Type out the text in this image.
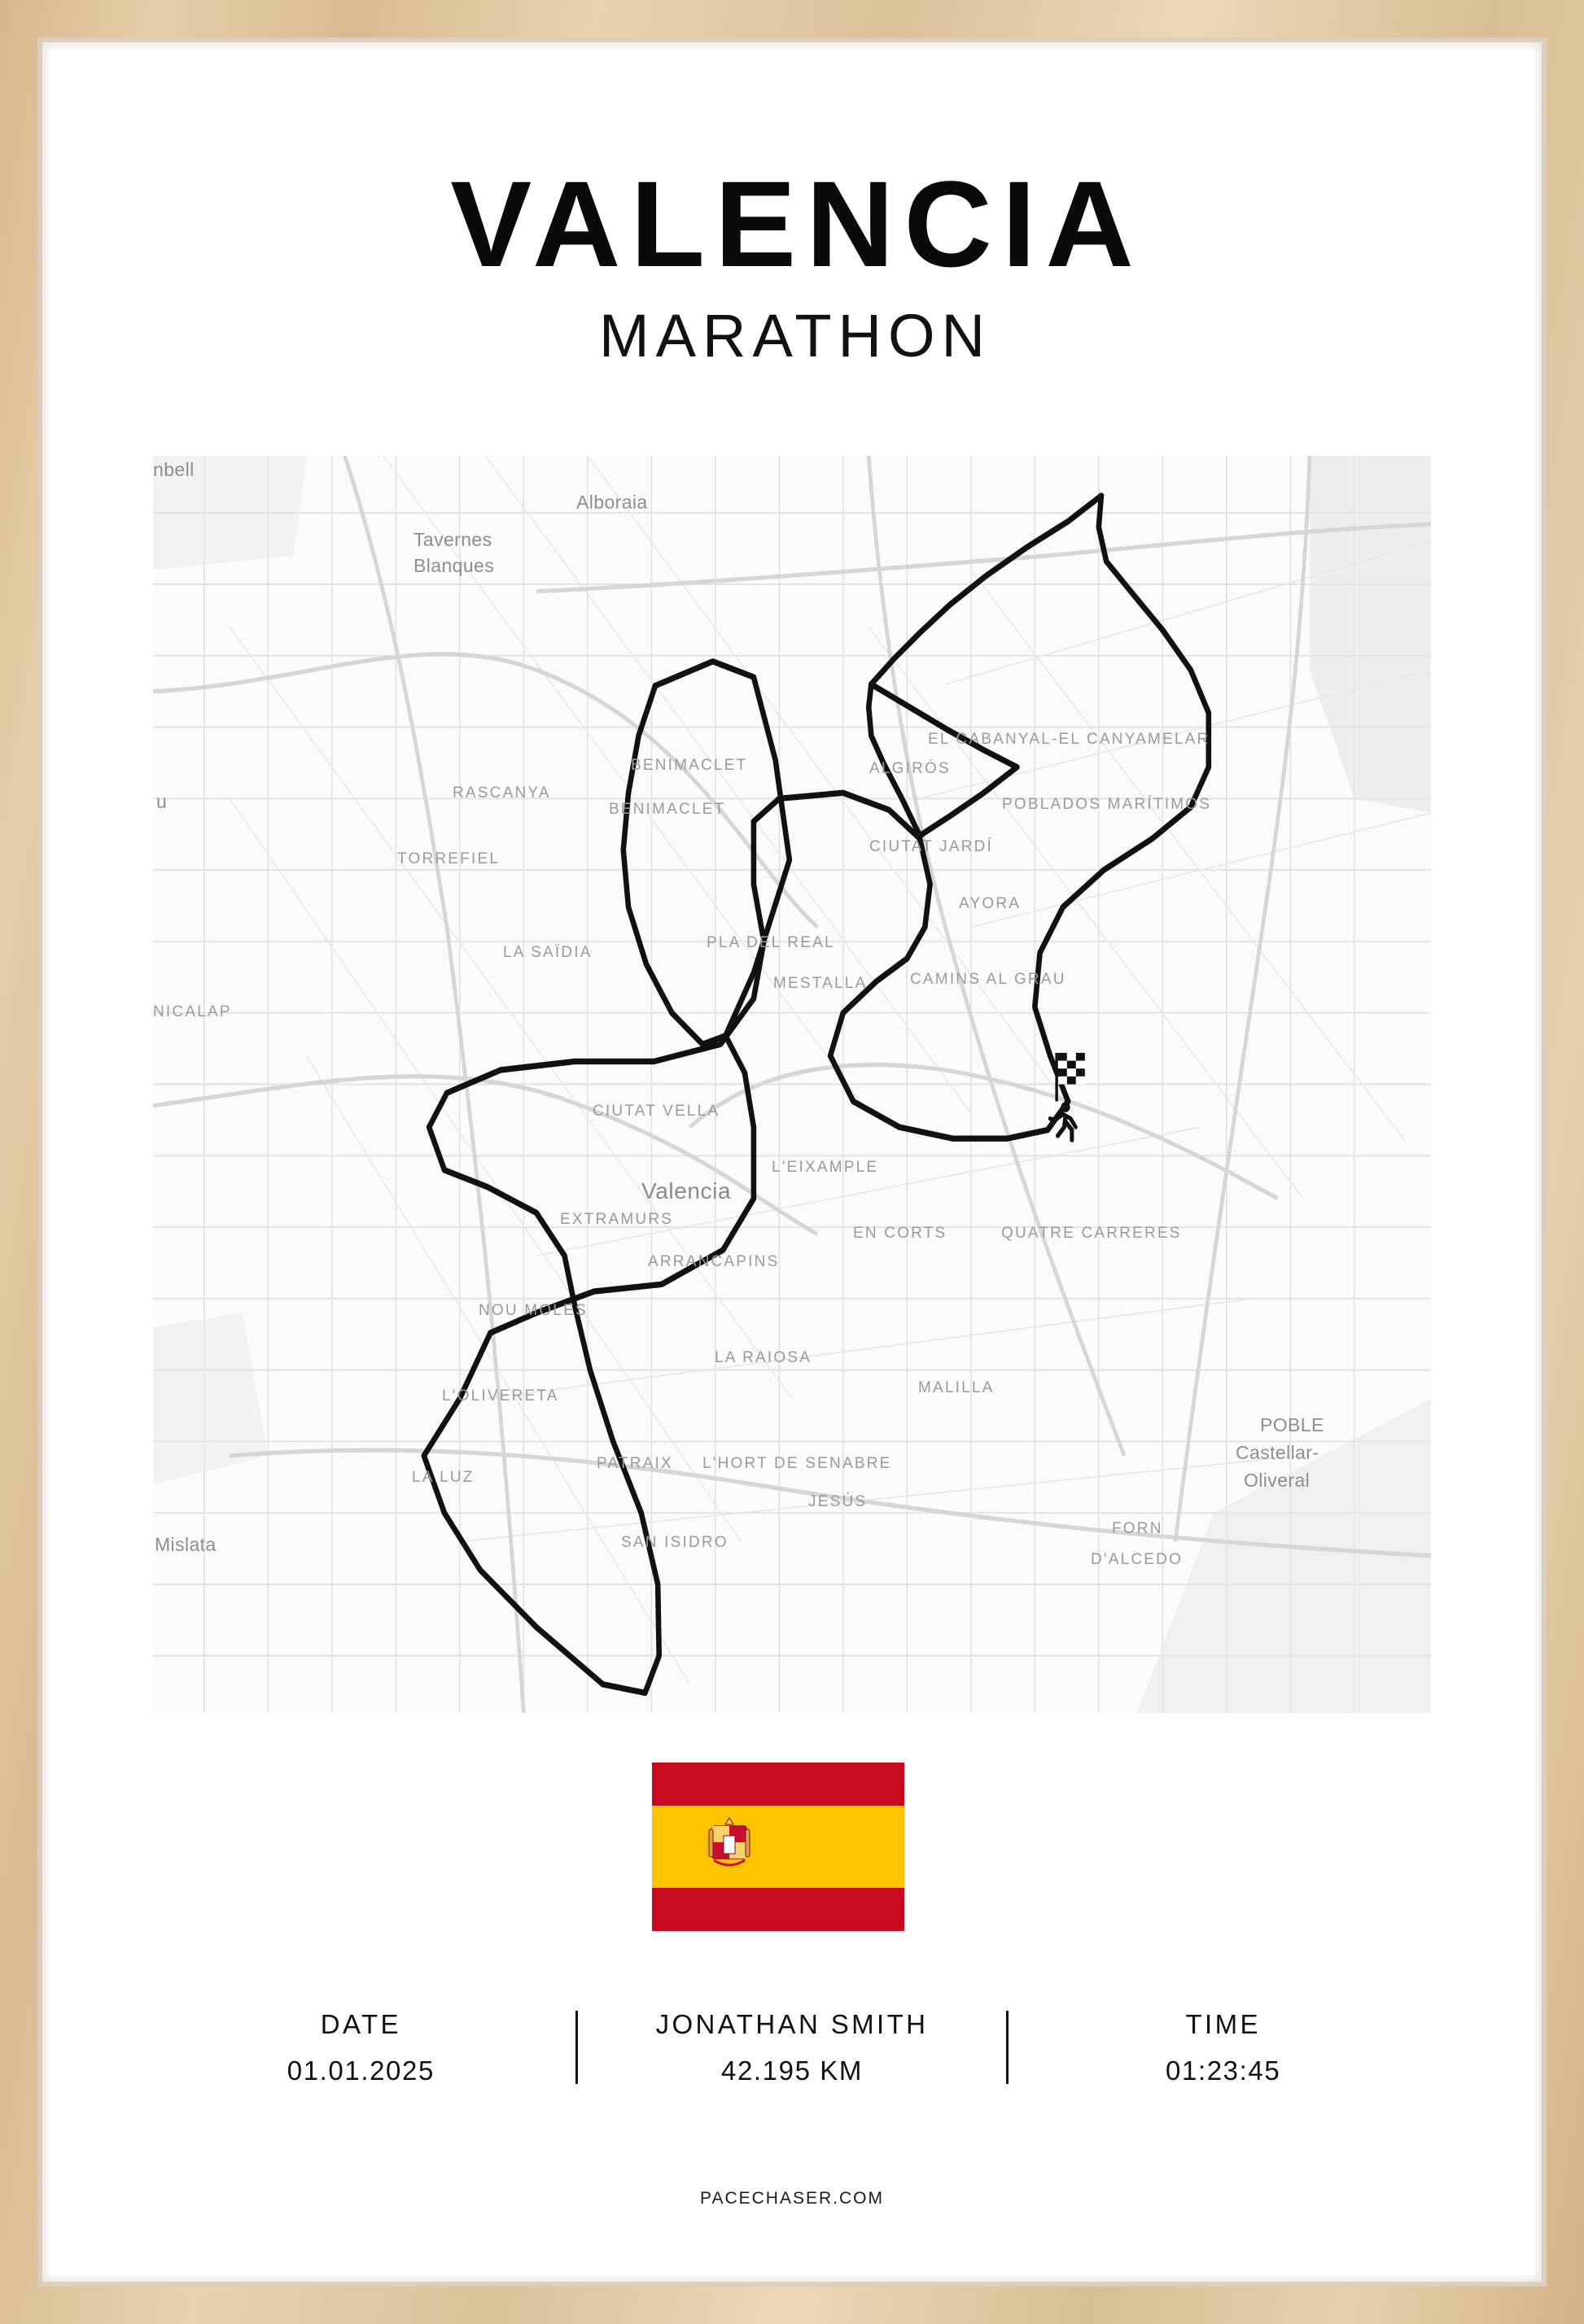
VALENCIA
MARATHON
nbell
Alboraia
Tavernes
Blanques
u
Mislata
Valencia
BENIMACLET
BENIMACLET
ALGIRÓS
EL CABANYAL-EL CANYAMELAR
POBLADOS MARÍTIMOS
RASCANYA
TORREFIEL
CIUTAT JARDÍ
AYORA
LA SAÏDIA
PLA DEL REAL
MESTALLA	CAMINS AL GRAU
NICALAP
CIUTAT VELLA
L'EIXAMPLE
EXTRAMURS
ARRANCAPINS
EN CORTS	QUATRE CARRERES
NOU MOLES
LA RAIOSA
MALILLA
L'OLIVERETA
LA LUZ
PATRAIX L'HORT DE SENABRE
JESÚS
SAN ISIDRO
FORN
D'ALCEDO
POBLE
Castellar-
Oliveral
DATE
01.01.2025
JONATHAN SMITH
42.195 KM
TIME
01:23:45
PACECHASER.COM
